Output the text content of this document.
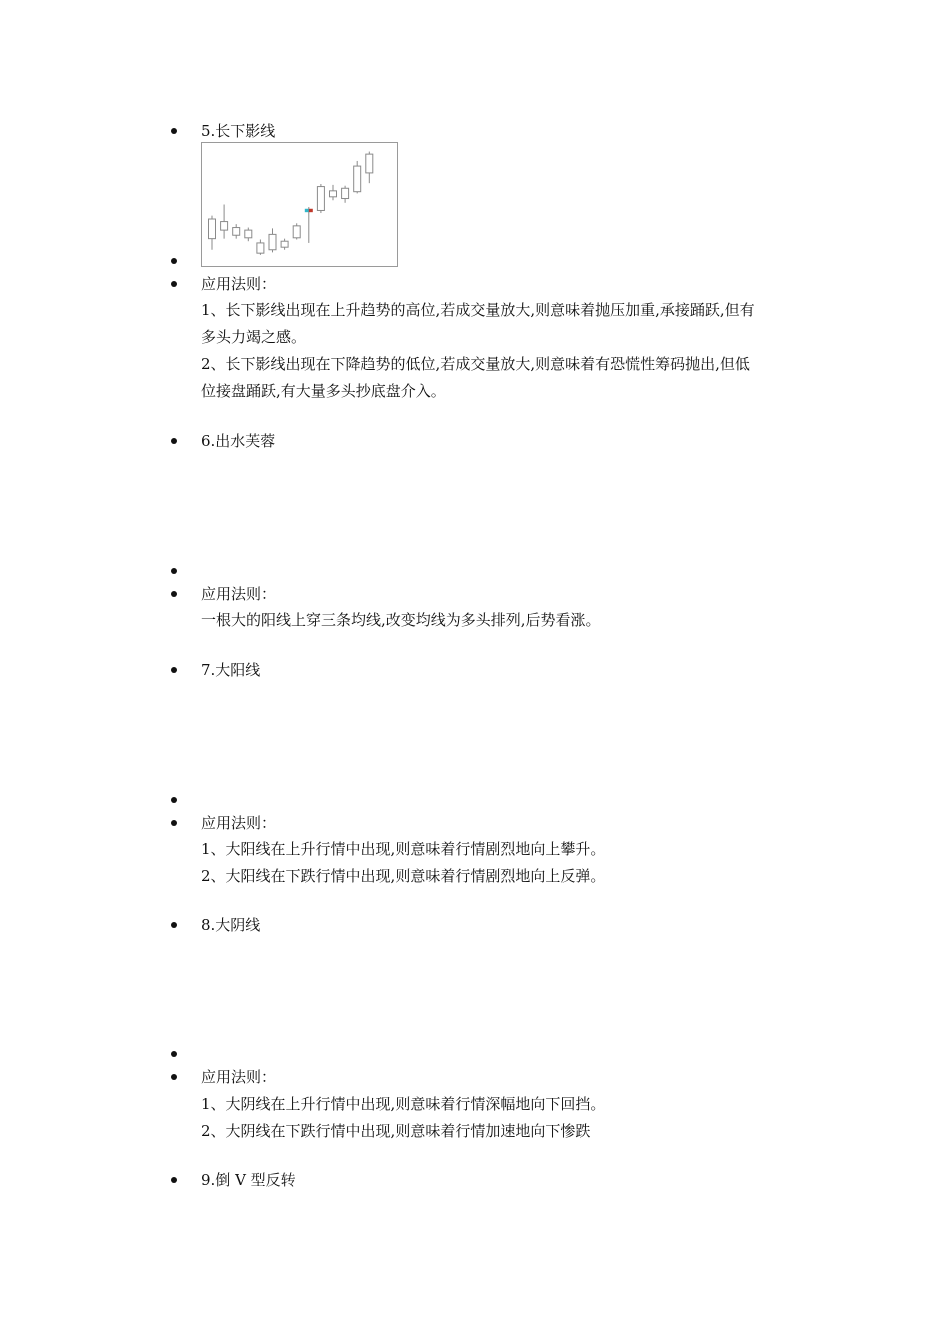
5.长下影线
应用法则：
1、长下影线出现在上升趋势的高位,若成交量放大,则意味着抛压加重,承接踊跃,但有
多头力竭之感。
2、长下影线出现在下降趋势的低位,若成交量放大,则意味着有恐慌性筹码抛出,但低
位接盘踊跃,有大量多头抄底盘介入。
6.出水芙蓉
应用法则：
一根大的阳线上穿三条均线,改变均线为多头排列,后势看涨。
7.大阳线
应用法则：
1、大阳线在上升行情中出现,则意味着行情剧烈地向上攀升。
2、大阳线在下跌行情中出现,则意味着行情剧烈地向上反弹。
8.大阴线
应用法则：
1、大阴线在上升行情中出现,则意味着行情深幅地向下回挡。
2、大阴线在下跌行情中出现,则意味着行情加速地向下惨跌
9.倒 V 型反转
